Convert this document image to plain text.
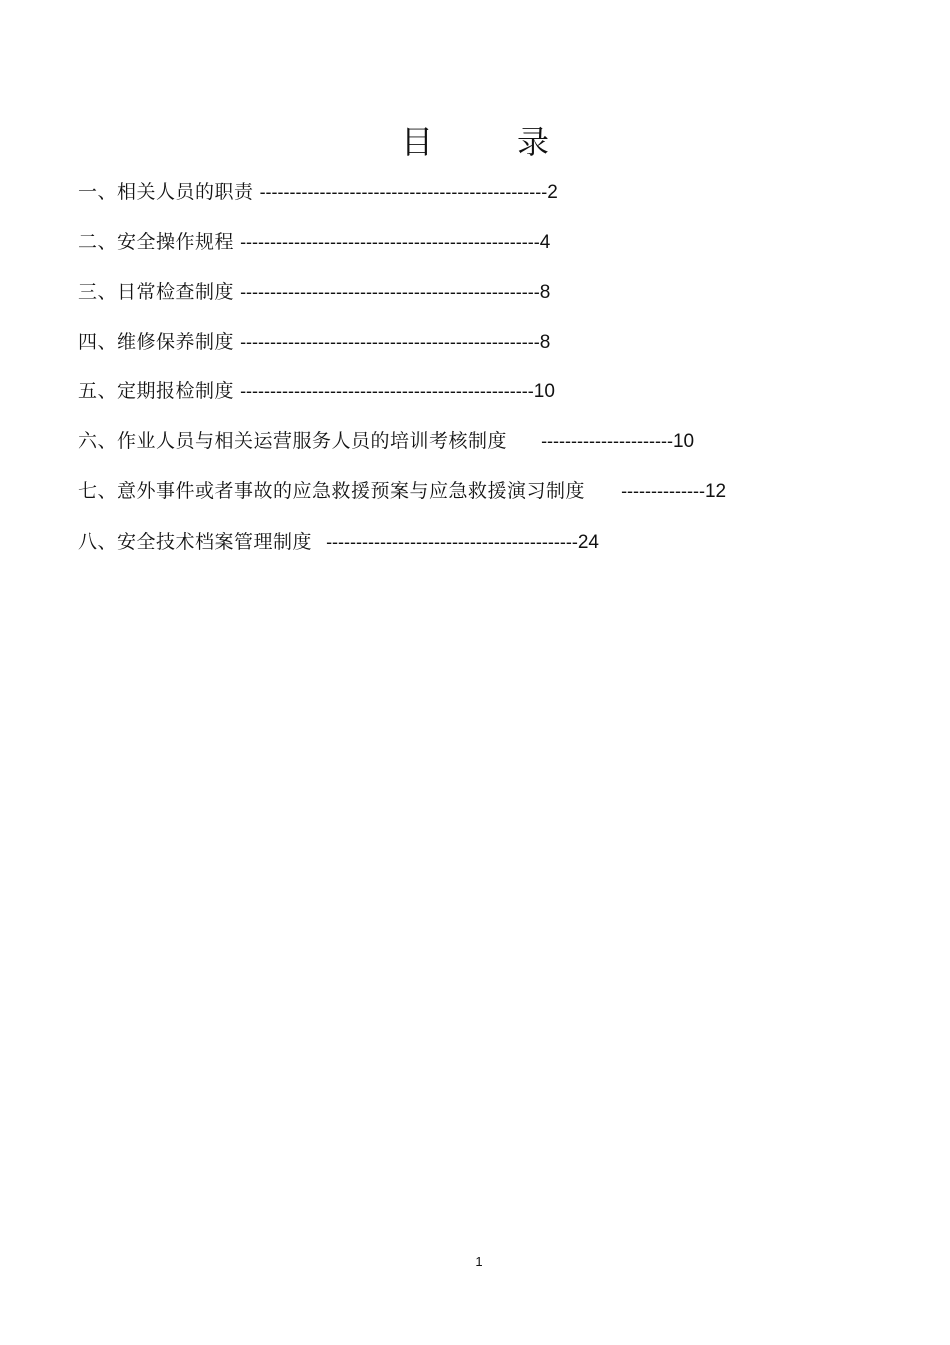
目	录
一、相关人员的职责 ------------------------------------------------2
二、安全操作规程 --------------------------------------------------4
三、日常检查制度 --------------------------------------------------8
四、维修保养制度 --------------------------------------------------8
五、定期报检制度 -------------------------------------------------10
六、作业人员与相关运营服务人员的培训考核制度 ----------------------10
七、意外事件或者事故的应急救援预案与应急救援演习制度 --------------12
八、安全技术档案管理制度 ------------------------------------------24
1
